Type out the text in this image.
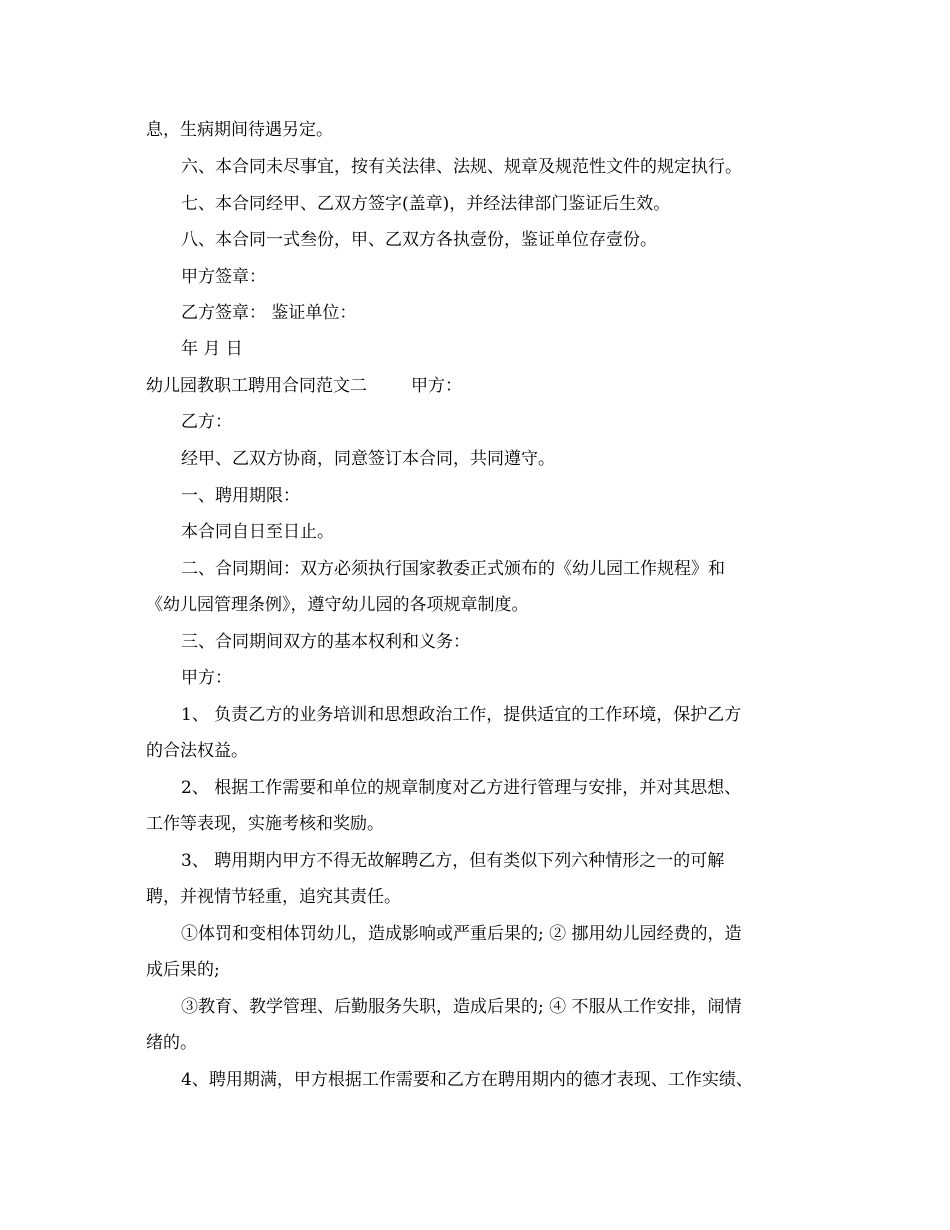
息，生病期间待遇另定。
六、本合同未尽事宜，按有关法律、法规、规章及规范性文件的规定执行。
七、本合同经甲、乙双方签字(盖章)，并经法律部门鉴证后生效。
八、本合同一式叁份，甲、乙双方各执壹份，鉴证单位存壹份。
甲方签章：
乙方签章： 鉴证单位：
年 月 日
幼儿园教职工聘用合同范文二	甲方：
乙方：
经甲、乙双方协商，同意签订本合同，共同遵守。
一、聘用期限：
本合同自日至日止。
二、合同期间：双方必须执行国家教委正式颁布的《幼儿园工作规程》和
《幼儿园管理条例》，遵守幼儿园的各项规章制度。
三、合同期间双方的基本权利和义务：
甲方：
1、 负责乙方的业务培训和思想政治工作，提供适宜的工作环境，保护乙方
的合法权益。
2、 根据工作需要和单位的规章制度对乙方进行管理与安排，并对其思想、
工作等表现，实施考核和奖励。
3、 聘用期内甲方不得无故解聘乙方，但有类似下列六种情形之一的可解
聘，并视情节轻重，追究其责任。
①体罚和变相体罚幼儿，造成影响或严重后果的; ② 挪用幼儿园经费的，造
成后果的;
③教育、教学管理、后勤服务失职，造成后果的; ④ 不服从工作安排，闹情
绪的。
4、聘用期满，甲方根据工作需要和乙方在聘用期内的德才表现、工作实绩、
